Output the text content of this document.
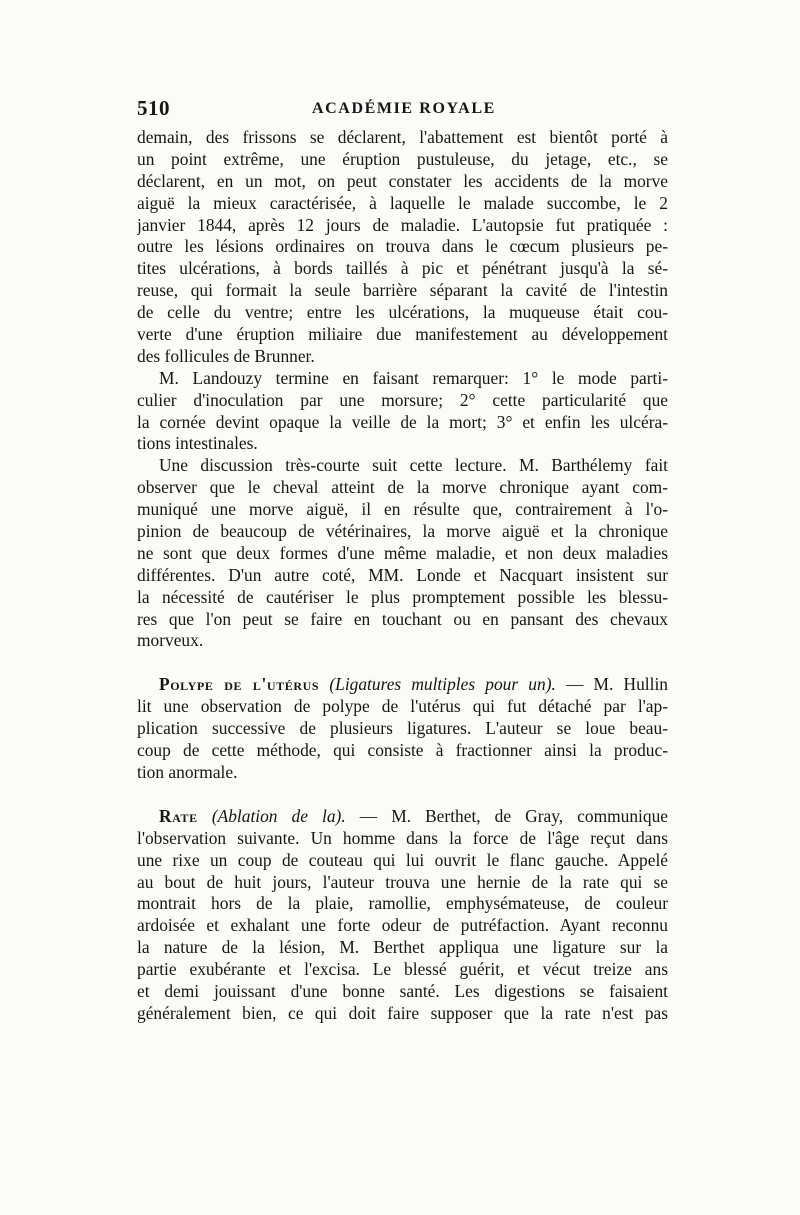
510	ACADÉMIE ROYALE
demain, des frissons se déclarent, l'abattement est bientôt porté à
un point extrême, une éruption pustuleuse, du jetage, etc., se
déclarent, en un mot, on peut constater les accidents de la morve
aiguë la mieux caractérisée, à laquelle le malade succombe, le 2
janvier 1844, après 12 jours de maladie. L'autopsie fut pratiquée :
outre les lésions ordinaires on trouva dans le cœcum plusieurs pe-
tites ulcérations, à bords taillés à pic et pénétrant jusqu'à la sé-
reuse, qui formait la seule barrière séparant la cavité de l'intestin
de celle du ventre; entre les ulcérations, la muqueuse était cou-
verte d'une éruption miliaire due manifestement au développement
des follicules de Brunner.
M. Landouzy termine en faisant remarquer: 1° le mode parti-
culier d'inoculation par une morsure; 2° cette particularité que
la cornée devint opaque la veille de la mort; 3° et enfin les ulcéra-
tions intestinales.
Une discussion très-courte suit cette lecture. M. Barthélemy fait
observer que le cheval atteint de la morve chronique ayant com-
muniqué une morve aiguë, il en résulte que, contrairement à l'o-
pinion de beaucoup de vétérinaires, la morve aiguë et la chronique
ne sont que deux formes d'une même maladie, et non deux maladies
différentes. D'un autre coté, MM. Londe et Nacquart insistent sur
la nécessité de cautériser le plus promptement possible les blessu-
res que l'on peut se faire en touchant ou en pansant des chevaux
morveux.
Polype de l'utérus (Ligatures multiples pour un). — M. Hullin
lit une observation de polype de l'utérus qui fut détaché par l'ap-
plication successive de plusieurs ligatures. L'auteur se loue beau-
coup de cette méthode, qui consiste à fractionner ainsi la produc-
tion anormale.
Rate (Ablation de la). — M. Berthet, de Gray, communique
l'observation suivante. Un homme dans la force de l'âge reçut dans
une rixe un coup de couteau qui lui ouvrit le flanc gauche. Appelé
au bout de huit jours, l'auteur trouva une hernie de la rate qui se
montrait hors de la plaie, ramollie, emphysémateuse, de couleur
ardoisée et exhalant une forte odeur de putréfaction. Ayant reconnu
la nature de la lésion, M. Berthet appliqua une ligature sur la
partie exubérante et l'excisa. Le blessé guérit, et vécut treize ans
et demi jouissant d'une bonne santé. Les digestions se faisaient
généralement bien, ce qui doit faire supposer que la rate n'est pas
